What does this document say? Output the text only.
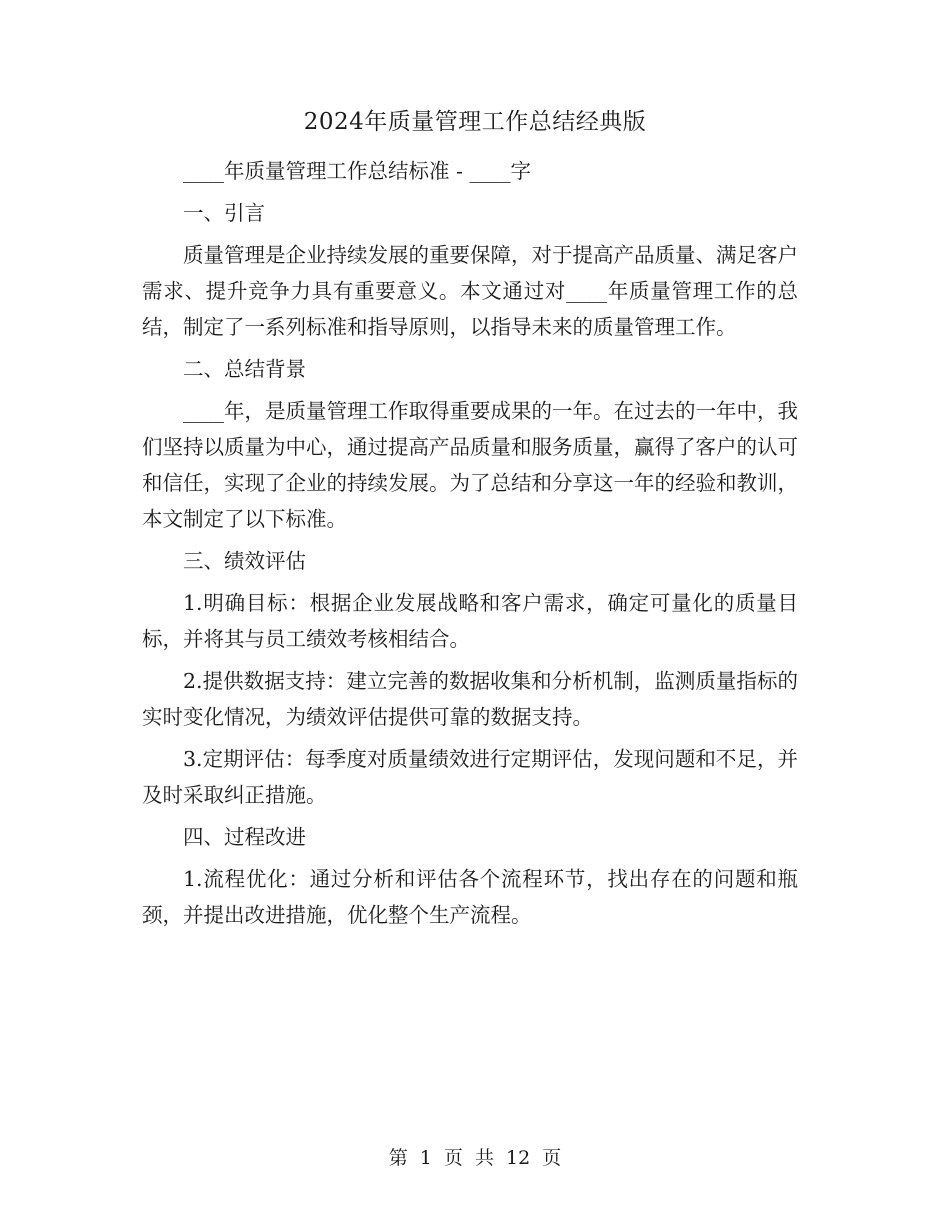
2024年质量管理工作总结经典版

____年质量管理工作总结标准 - ____字

一、引言

质量管理是企业持续发展的重要保障，对于提高产品质量、满足客户需求、提升竞争力具有重要意义。本文通过对____年质量管理工作的总结，制定了一系列标准和指导原则，以指导未来的质量管理工作。

二、总结背景

____年，是质量管理工作取得重要成果的一年。在过去的一年中，我们坚持以质量为中心，通过提高产品质量和服务质量，赢得了客户的认可和信任，实现了企业的持续发展。为了总结和分享这一年的经验和教训，本文制定了以下标准。

三、绩效评估

1.明确目标：根据企业发展战略和客户需求，确定可量化的质量目标，并将其与员工绩效考核相结合。

2.提供数据支持：建立完善的数据收集和分析机制，监测质量指标的实时变化情况，为绩效评估提供可靠的数据支持。

3.定期评估：每季度对质量绩效进行定期评估，发现问题和不足，并及时采取纠正措施。

四、过程改进

1.流程优化：通过分析和评估各个流程环节，找出存在的问题和瓶颈，并提出改进措施，优化整个生产流程。

第 1 页 共 12 页
